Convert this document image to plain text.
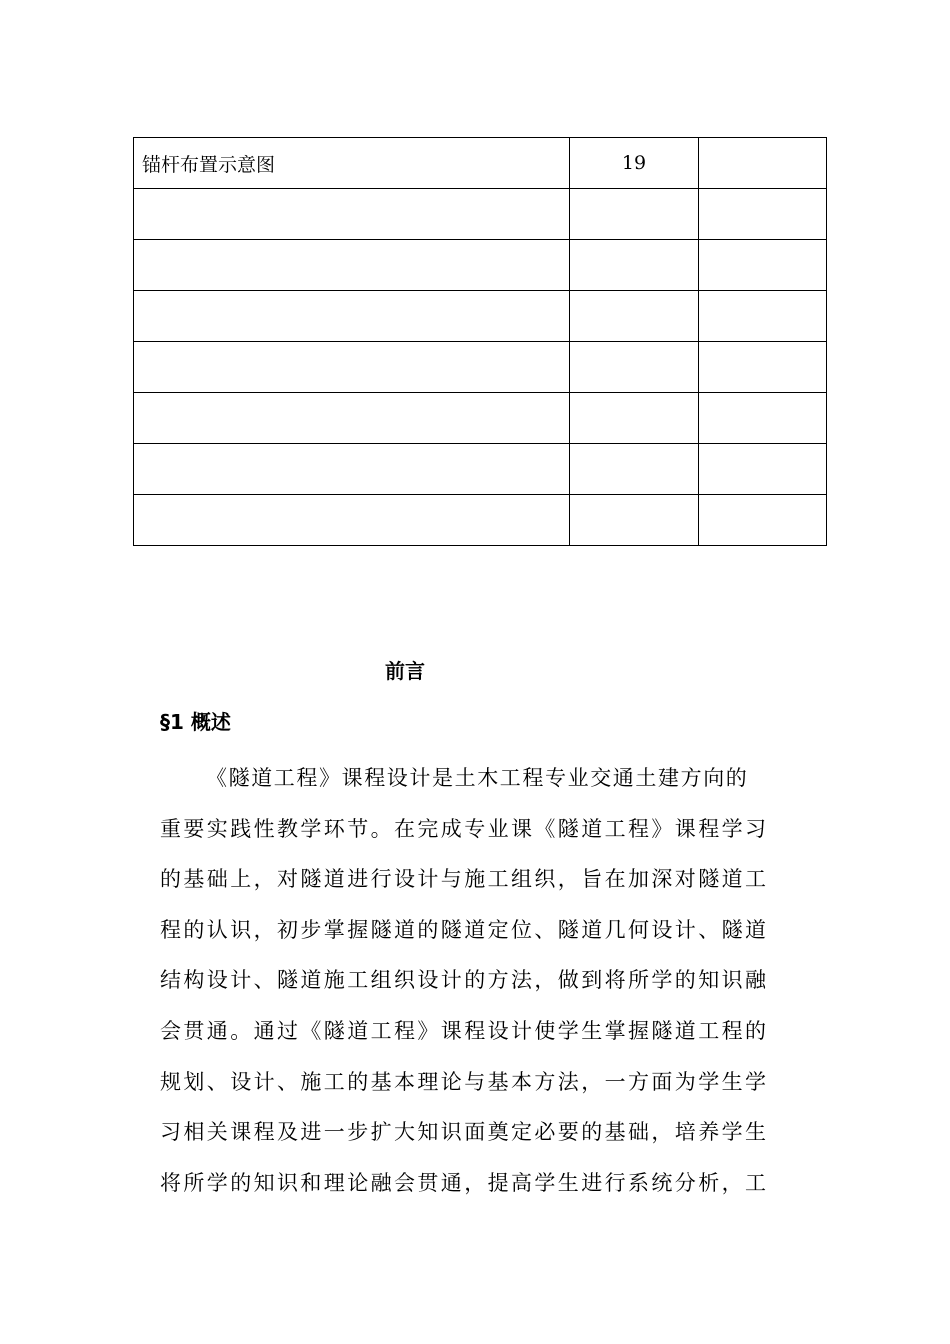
锚杆布置示意图	19	

前言
§1 概述
《隧道工程》课程设计是土木工程专业交通土建方向的
重要实践性教学环节。在完成专业课《隧道工程》课程学习
的基础上，对隧道进行设计与施工组织，旨在加深对隧道工
程的认识，初步掌握隧道的隧道定位、隧道几何设计、隧道
结构设计、隧道施工组织设计的方法，做到将所学的知识融
会贯通。通过《隧道工程》课程设计使学生掌握隧道工程的
规划、设计、施工的基本理论与基本方法，一方面为学生学
习相关课程及进一步扩大知识面奠定必要的基础，培养学生
将所学的知识和理论融会贯通，提高学生进行系统分析，工
